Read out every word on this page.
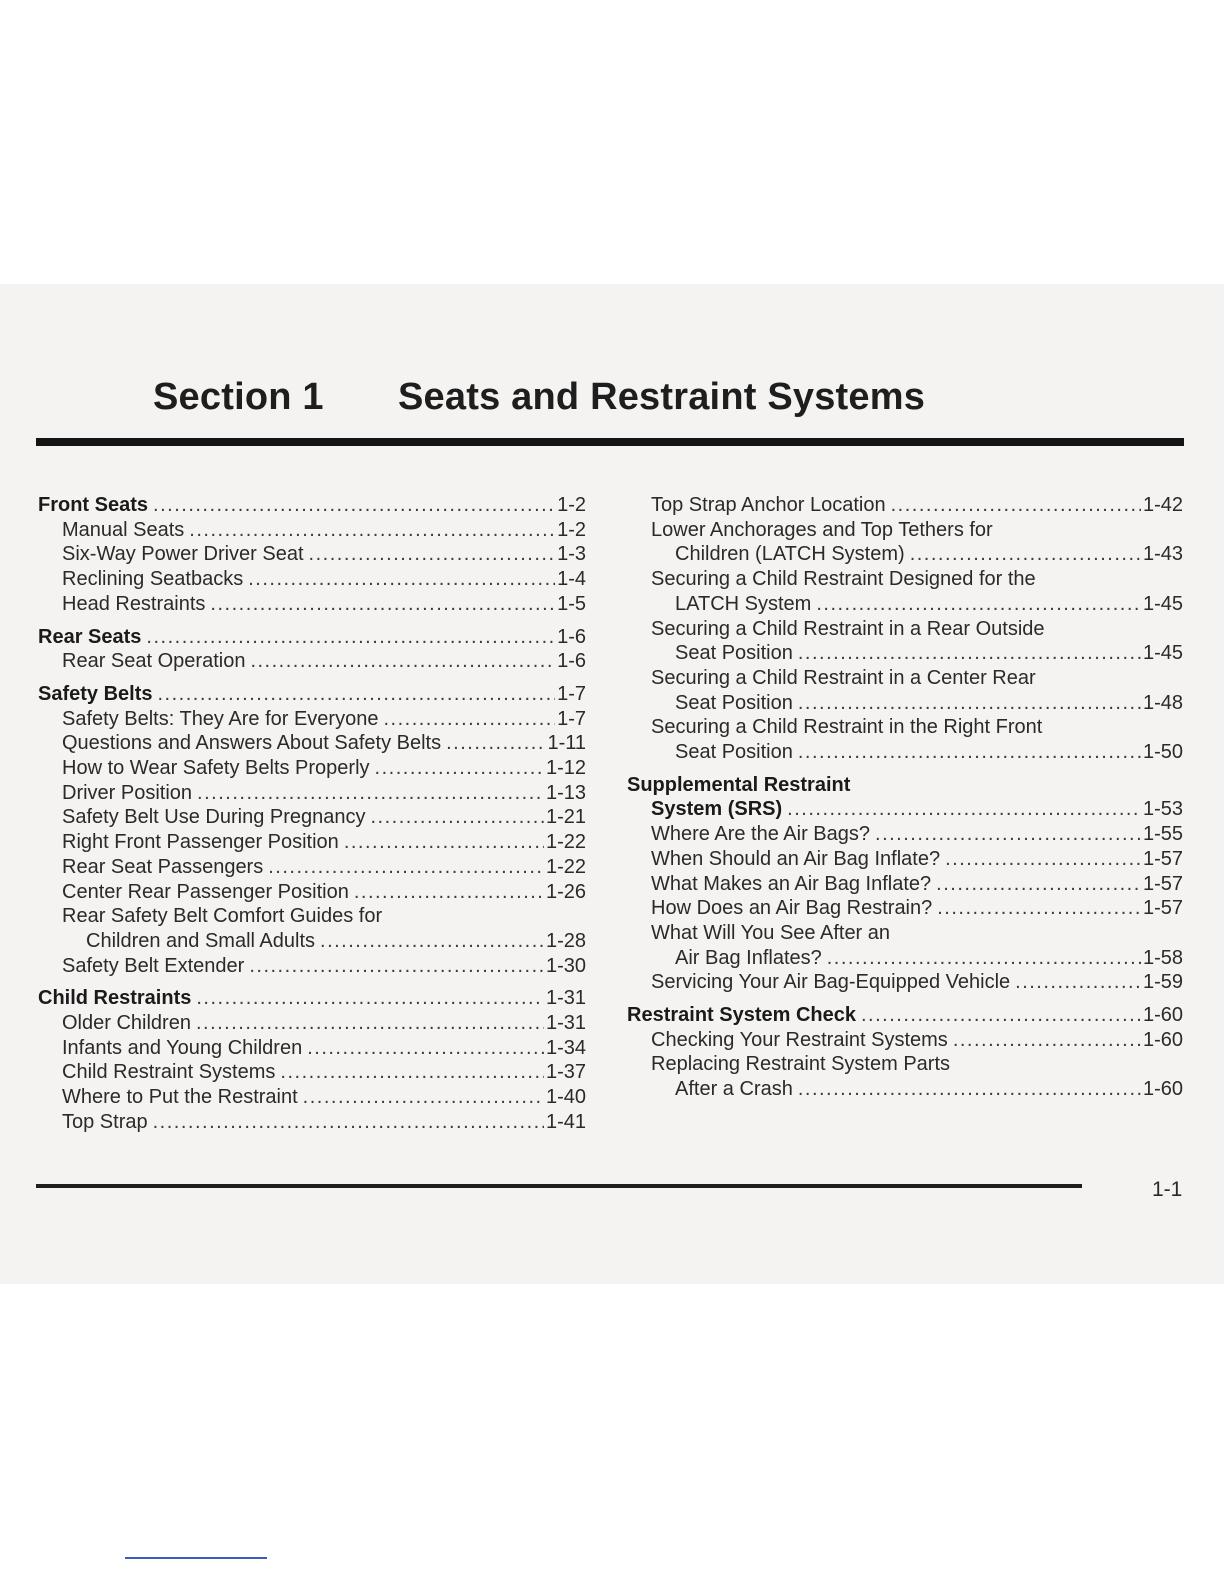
Section 1 Seats and Restraint Systems
Front Seats .....	1-2
Manual Seats .....	1-2
Six-Way Power Driver Seat .....	1-3
Reclining Seatbacks .....	1-4
Head Restraints .....	1-5
Rear Seats .....	1-6
Rear Seat Operation .....	1-6
Safety Belts .....	1-7
Safety Belts: They Are for Everyone .....	1-7
Questions and Answers About Safety Belts .....	1-11
How to Wear Safety Belts Properly .....	1-12
Driver Position .....	1-13
Safety Belt Use During Pregnancy .....	1-21
Right Front Passenger Position .....	1-22
Rear Seat Passengers .....	1-22
Center Rear Passenger Position .....	1-26
Rear Safety Belt Comfort Guides for
Children and Small Adults .....	1-28
Safety Belt Extender .....	1-30
Child Restraints .....	1-31
Older Children .....	1-31
Infants and Young Children .....	1-34
Child Restraint Systems .....	1-37
Where to Put the Restraint .....	1-40
Top Strap .....	1-41
Top Strap Anchor Location .....	1-42
Lower Anchorages and Top Tethers for
Children (LATCH System) .....	1-43
Securing a Child Restraint Designed for the
LATCH System .....	1-45
Securing a Child Restraint in a Rear Outside
Seat Position .....	1-45
Securing a Child Restraint in a Center Rear
Seat Position .....	1-48
Securing a Child Restraint in the Right Front
Seat Position .....	1-50
Supplemental Restraint
System (SRS) .....	1-53
Where Are the Air Bags? .....	1-55
When Should an Air Bag Inflate? .....	1-57
What Makes an Air Bag Inflate? .....	1-57
How Does an Air Bag Restrain? .....	1-57
What Will You See After an
Air Bag Inflates? .....	1-58
Servicing Your Air Bag-Equipped Vehicle .....	1-59
Restraint System Check .....	1-60
Checking Your Restraint Systems .....	1-60
Replacing Restraint System Parts
After a Crash .....	1-60
1-1
